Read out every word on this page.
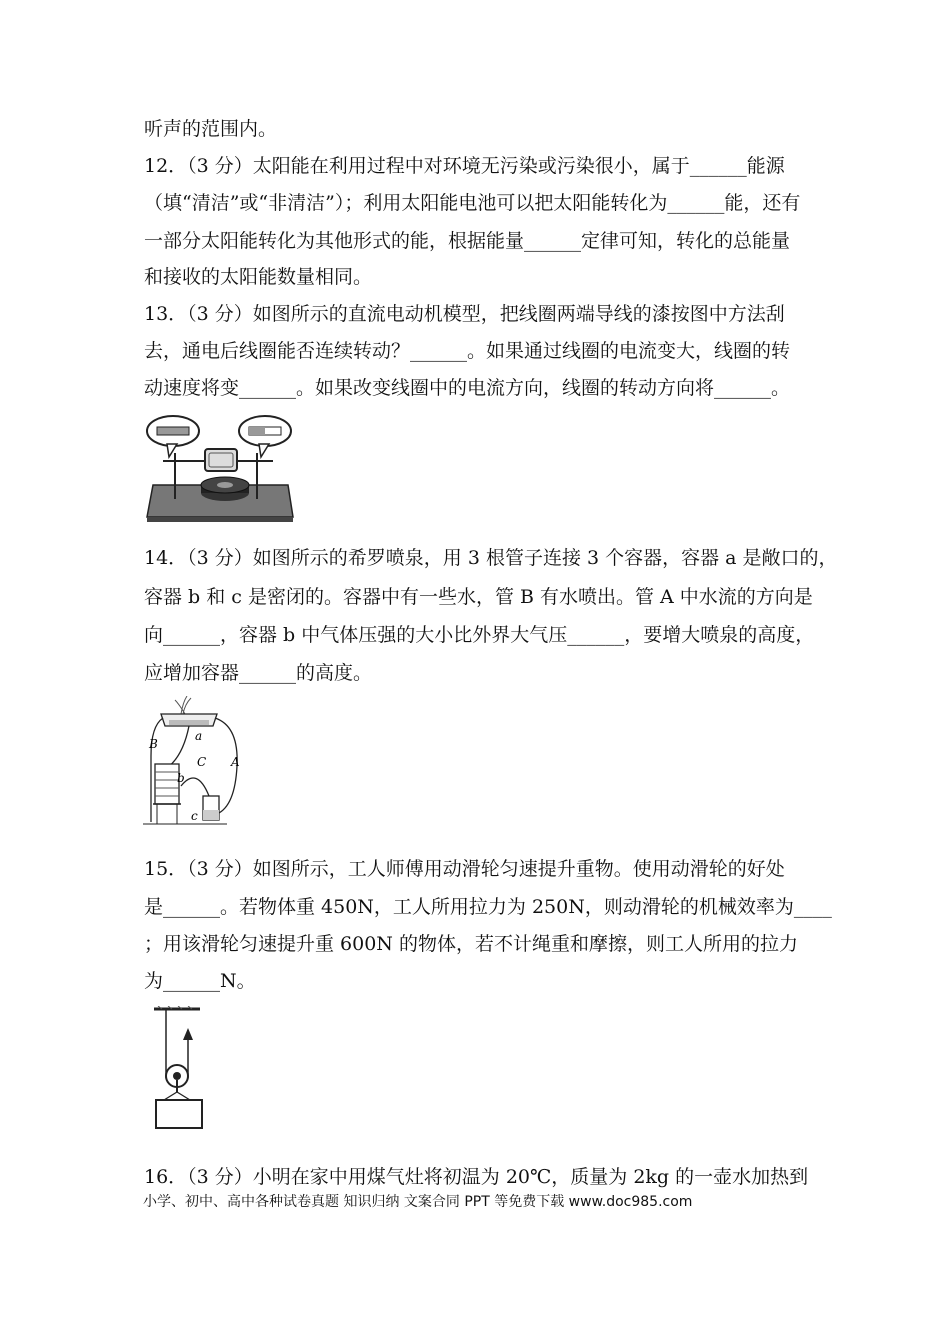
听声的范围内。

12．（3 分）太阳能在利用过程中对环境无污染或污染很小，属于______能源

（填“清洁”或“非清洁”）；利用太阳能电池可以把太阳能转化为______能，还有

一部分太阳能转化为其他形式的能，根据能量______定律可知，转化的总能量

和接收的太阳能数量相同。

13．（3 分）如图所示的直流电动机模型，把线圈两端导线的漆按图中方法刮

去，通电后线圈能否连续转动？______。如果通过线圈的电流变大，线圈的转

动速度将变______。如果改变线圈中的电流方向，线圈的转动方向将______。

14．（3 分）如图所示的希罗喷泉，用 3 根管子连接 3 个容器，容器 a 是敞口的，

容器 b 和 c 是密闭的。容器中有一些水，管 B 有水喷出。管 A 中水流的方向是

向______，容器 b 中气体压强的大小比外界大气压______，要增大喷泉的高度，

应增加容器______的高度。

a
b
c
A
B
C

15．（3 分）如图所示，工人师傅用动滑轮匀速提升重物。使用动滑轮的好处

是______。若物体重 450N，工人所用拉力为 250N，则动滑轮的机械效率为____

；用该滑轮匀速提升重 600N 的物体，若不计绳重和摩擦，则工人所用的拉力

为______N。

16．（3 分）小明在家中用煤气灶将初温为 20℃，质量为 2kg 的一壶水加热到

小学、初中、高中各种试卷真题 知识归纳 文案合同 PPT 等免费下载 www.doc985.com
